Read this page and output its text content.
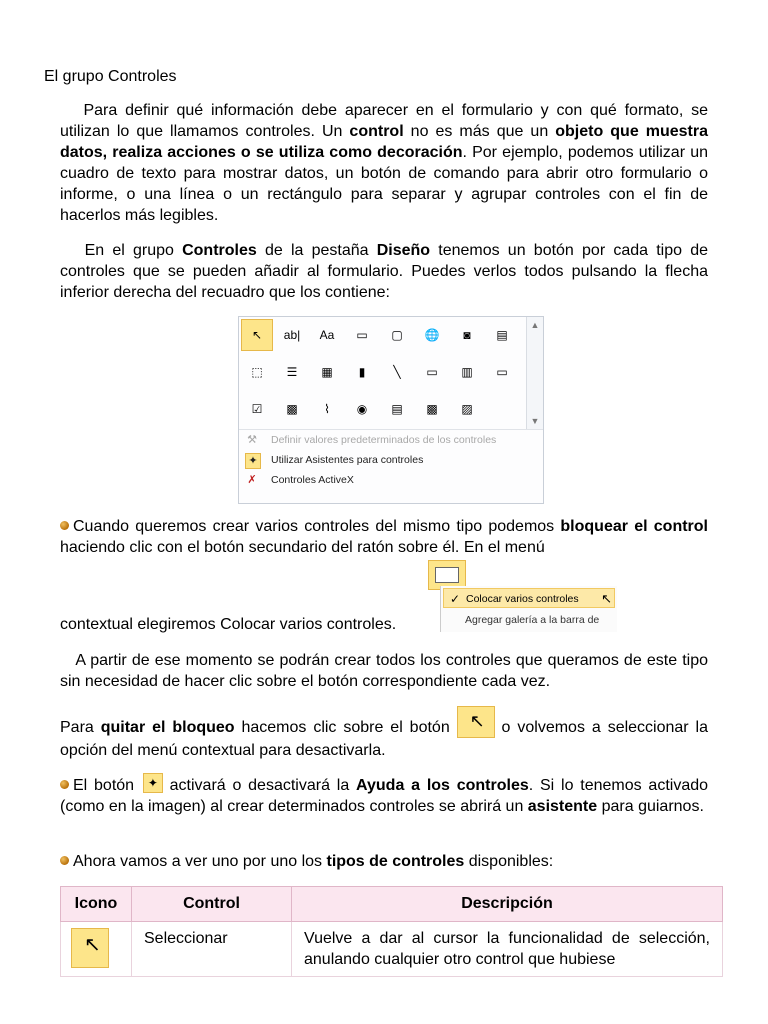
El grupo Controles
Para definir qué información debe aparecer en el formulario y con qué formato, se utilizan lo que llamamos controles. Un control no es más que un objeto que muestra datos, realiza acciones o se utiliza como decoración. Por ejemplo, podemos utilizar un cuadro de texto para mostrar datos, un botón de comando para abrir otro formulario o informe, o una línea o un rectángulo para separar y agrupar controles con el fin de hacerlos más legibles.
En el grupo Controles de la pestaña Diseño tenemos un botón por cada tipo de controles que se pueden añadir al formulario. Puedes verlos todos pulsando la flecha inferior derecha del recuadro que los contiene:
↖	ab|	Aa	▭	▢	🌐	◙	▤
⬚	☰	▦	▮	╲	▭	▥	▭
☑	▩	⌇	◉	▤	▩	▨
▲
▼
⚒ Definir valores predeterminados de los controles
✦	Utilizar Asistentes para controles
✗ Controles ActiveX
Cuando queremos crear varios controles del mismo tipo podemos bloquear el control haciendo clic con el botón secundario del ratón sobre él. En el menú
contextual elegiremos Colocar varios controles.
✓ Colocar varios controles ↖
Agregar galería a la barra de
A partir de ese momento se podrán crear todos los controles que queramos de este tipo sin necesidad de hacer clic sobre el botón correspondiente cada vez.
Para quitar el bloqueo hacemos clic sobre el botón ↖ o volvemos a seleccionar la opción del menú contextual para desactivarla.
El botón ✦ activará o desactivará la Ayuda a los controles. Si lo tenemos activado (como en la imagen) al crear determinados controles se abrirá un asistente para guiarnos.
Ahora vamos a ver uno por uno los tipos de controles disponibles:
Icono	Control	Descripción

↖	Seleccionar	Vuelve a dar al cursor la funcionalidad de selección, anulando cualquier otro control que hubiese
